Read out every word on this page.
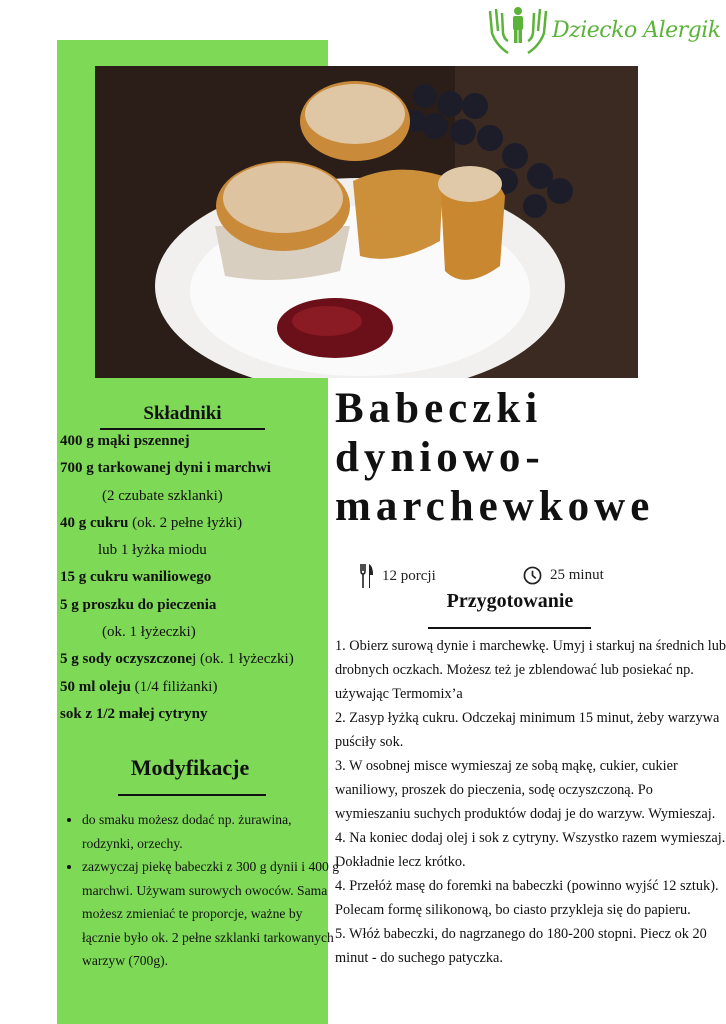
Dziecko Alergik
Składniki
400 g mąki pszennej
700 g tarkowanej dyni i marchwi
(2 czubate szklanki)
40 g cukru (ok. 2 pełne łyżki)
lub 1 łyżka miodu
15 g cukru waniliowego
5 g proszku do pieczenia
(ok. 1 łyżeczki)
5 g sody oczyszczonej (ok. 1 łyżeczki)
50 ml oleju (1/4 filiżanki)
sok z 1/2 małej cytryny
Modyfikacje
• do smaku możesz dodać np. żurawina, rodzynki, orzechy.
• zazwyczaj piekę babeczki z 300 g dynii i 400 g marchwi. Używam surowych owoców. Sama możesz zmieniać te proporcje, ważne by łącznie było ok. 2 pełne szklanki tarkowanych warzyw (700g).
Babeczki
dyniowo-
marchewkowe
12 porcji	25 minut
Przygotowanie

1. Obierz surową dynie i marchewkę. Umyj i starkuj na średnich lub drobnych oczkach. Możesz też je zblendować lub posiekać np. używając Termomix’a

2. Zasyp łyżką cukru. Odczekaj minimum 15 minut, żeby warzywa puściły sok.

3. W osobnej misce wymieszaj ze sobą mąkę, cukier, cukier waniliowy, proszek do pieczenia, sodę oczyszczoną. Po wymieszaniu suchych produktów dodaj je do warzyw. Wymieszaj.

4. Na koniec dodaj olej i sok z cytryny. Wszystko razem wymieszaj. Dokładnie lecz krótko.

4. Przełóż masę do foremki na babeczki (powinno wyjść 12 sztuk). Polecam formę silikonową, bo ciasto przykleja się do papieru.

5. Włóż babeczki, do nagrzanego do 180-200 stopni. Piecz ok 20 minut - do suchego patyczka.
